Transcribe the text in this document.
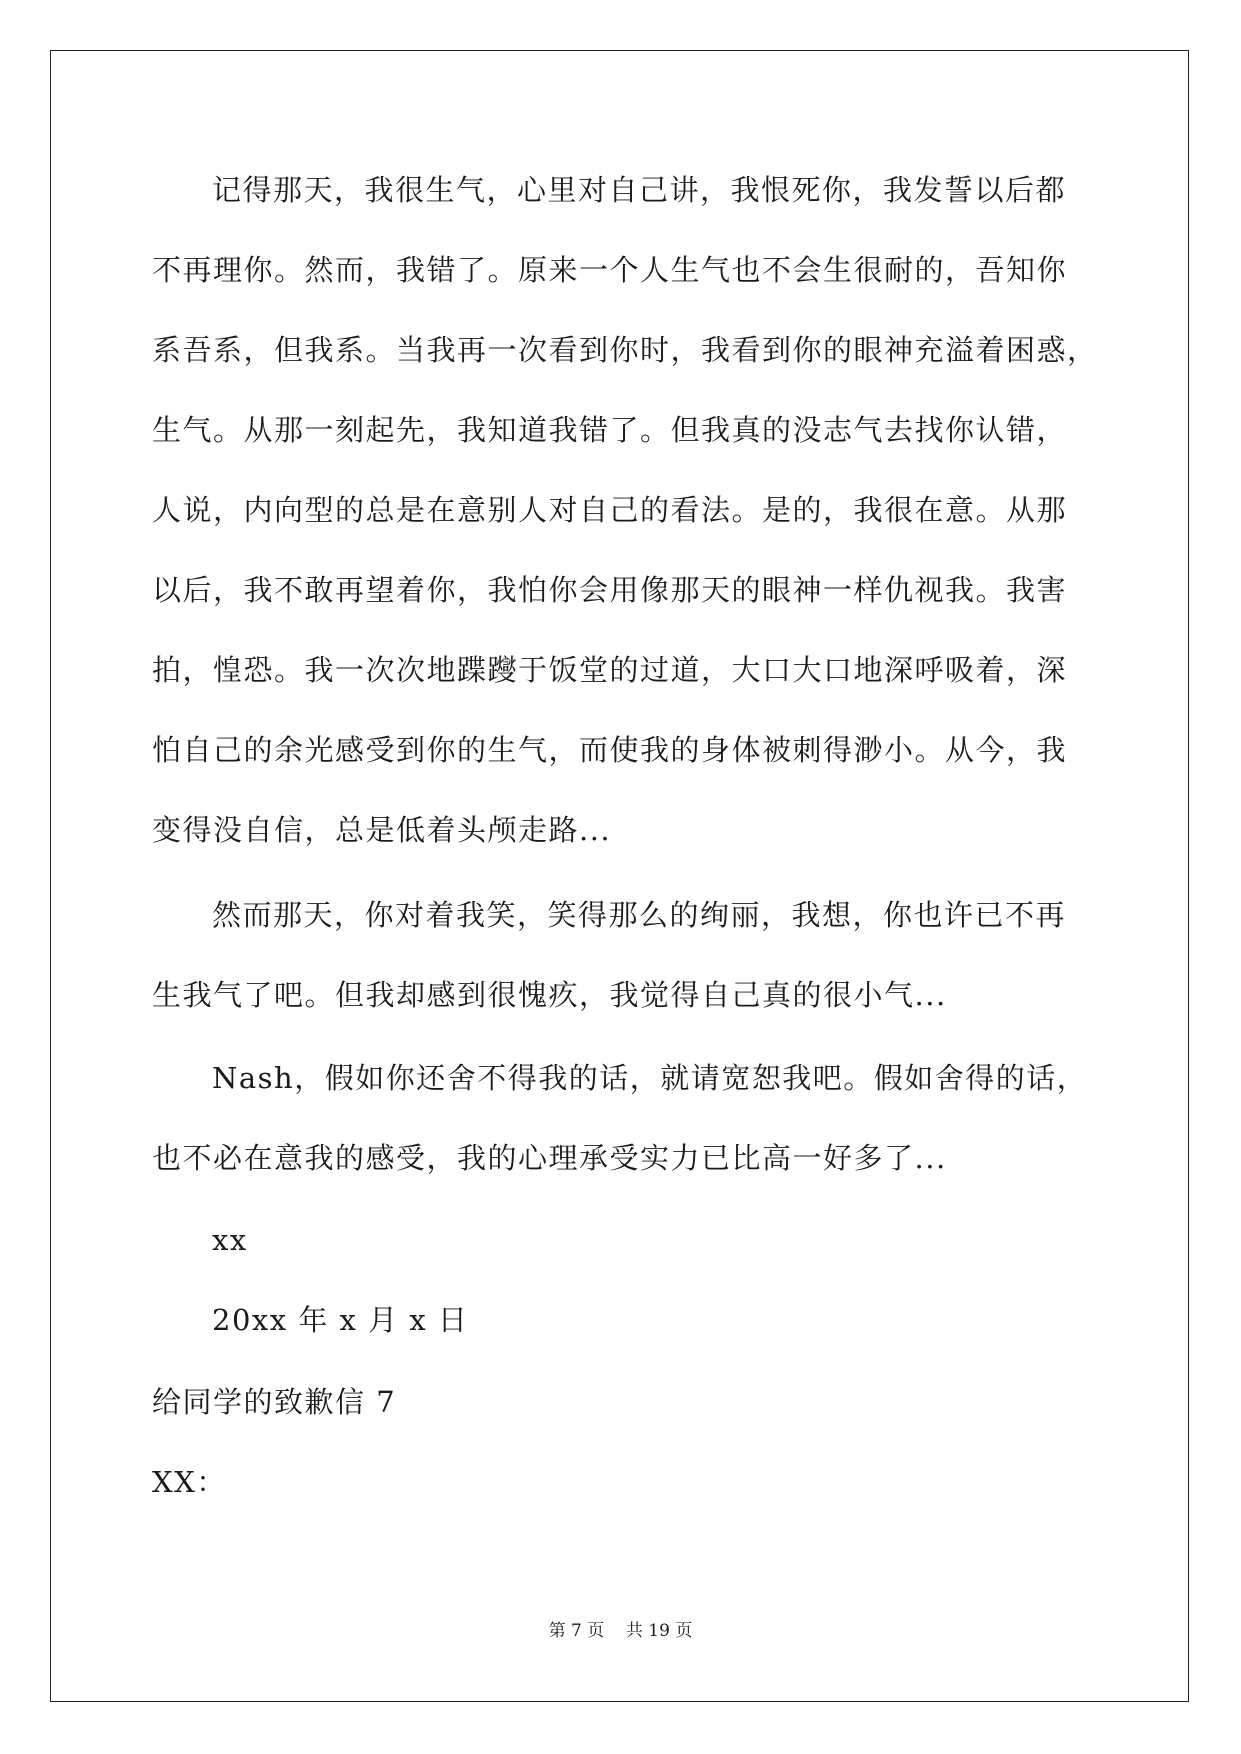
记得那天，我很生气，心里对自己讲，我恨死你，我发誓以后都
不再理你。然而，我错了。原来一个人生气也不会生很耐的，吾知你
系吾系，但我系。当我再一次看到你时，我看到你的眼神充溢着困惑，
生气。从那一刻起先，我知道我错了。但我真的没志气去找你认错，
人说，内向型的总是在意别人对自己的看法。是的，我很在意。从那
以后，我不敢再望着你，我怕你会用像那天的眼神一样仇视我。我害
拍，惶恐。我一次次地蹀躞于饭堂的过道，大口大口地深呼吸着，深
怕自己的余光感受到你的生气，而使我的身体被刺得渺小。从今，我
变得没自信，总是低着头颅走路...
然而那天，你对着我笑，笑得那么的绚丽，我想，你也许已不再
生我气了吧。但我却感到很愧疚，我觉得自己真的很小气...
Nash，假如你还舍不得我的话，就请宽恕我吧。假如舍得的话，
也不必在意我的感受，我的心理承受实力已比高一好多了...
xx
20xx 年 x 月 x 日
给同学的致歉信 7
XX：
第 7 页    共 19 页
